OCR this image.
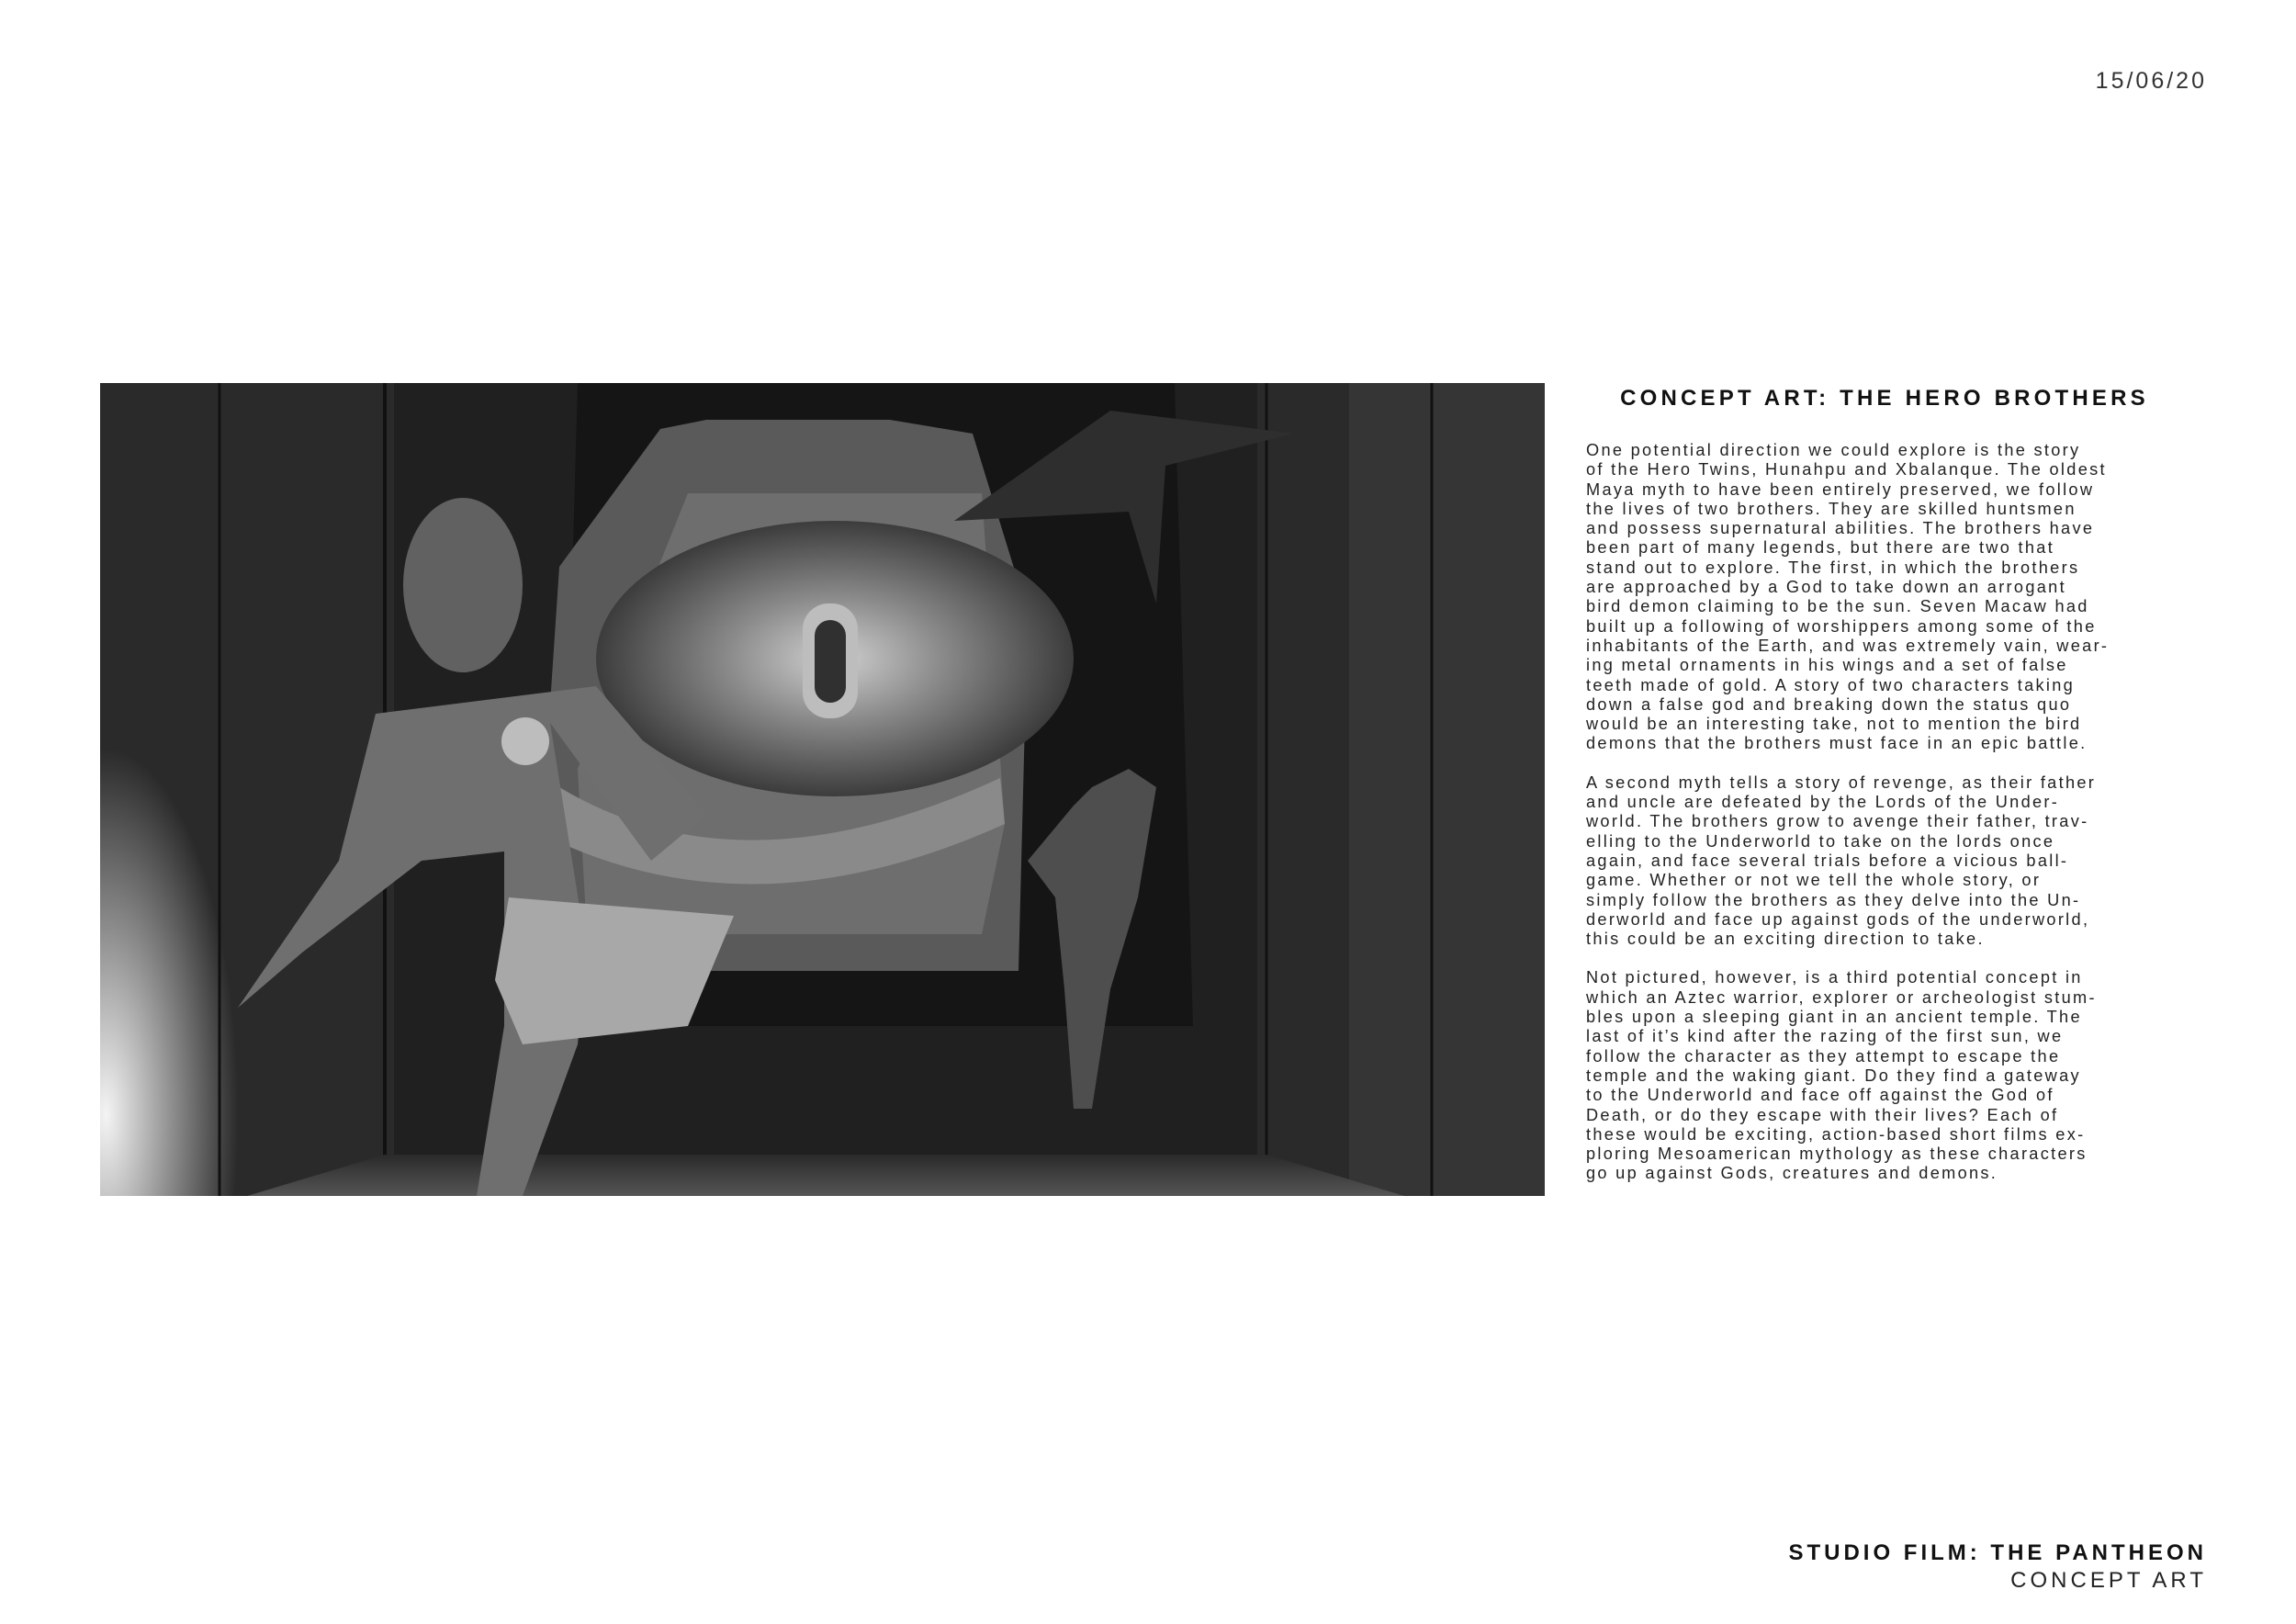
15/06/20
CONCEPT ART: THE HERO BROTHERS

One potential direction we could explore is the story
of the Hero Twins, Hunahpu and Xbalanque. The oldest
Maya myth to have been entirely preserved, we follow
the lives of two brothers. They are skilled huntsmen
and possess supernatural abilities. The brothers have
been part of many legends, but there are two that
stand out to explore. The first, in which the brothers
are approached by a God to take down an arrogant
bird demon claiming to be the sun. Seven Macaw had
built up a following of worshippers among some of the
inhabitants of the Earth, and was extremely vain, wear-
ing metal ornaments in his wings and a set of false
teeth made of gold. A story of two characters taking
down a false god and breaking down the status quo
would be an interesting take, not to mention the bird
demons that the brothers must face in an epic battle.

A second myth tells a story of revenge, as their father
and uncle are defeated by the Lords of the Under-
world. The brothers grow to avenge their father, trav-
elling to the Underworld to take on the lords once
again, and face several trials before a vicious ball-
game. Whether or not we tell the whole story, or
simply follow the brothers as they delve into the Un-
derworld and face up against gods of the underworld,
this could be an exciting direction to take.

Not pictured, however, is a third potential concept in
which an Aztec warrior, explorer or archeologist stum-
bles upon a sleeping giant in an ancient temple. The
last of it’s kind after the razing of the first sun, we
follow the character as they attempt to escape the
temple and the waking giant. Do they find a gateway
to the Underworld and face off against the God of
Death, or do they escape with their lives? Each of
these would be exciting, action-based short films ex-
ploring Mesoamerican mythology as these characters
go up against Gods, creatures and demons.

STUDIO FILM: THE PANTHEON
CONCEPT ART
